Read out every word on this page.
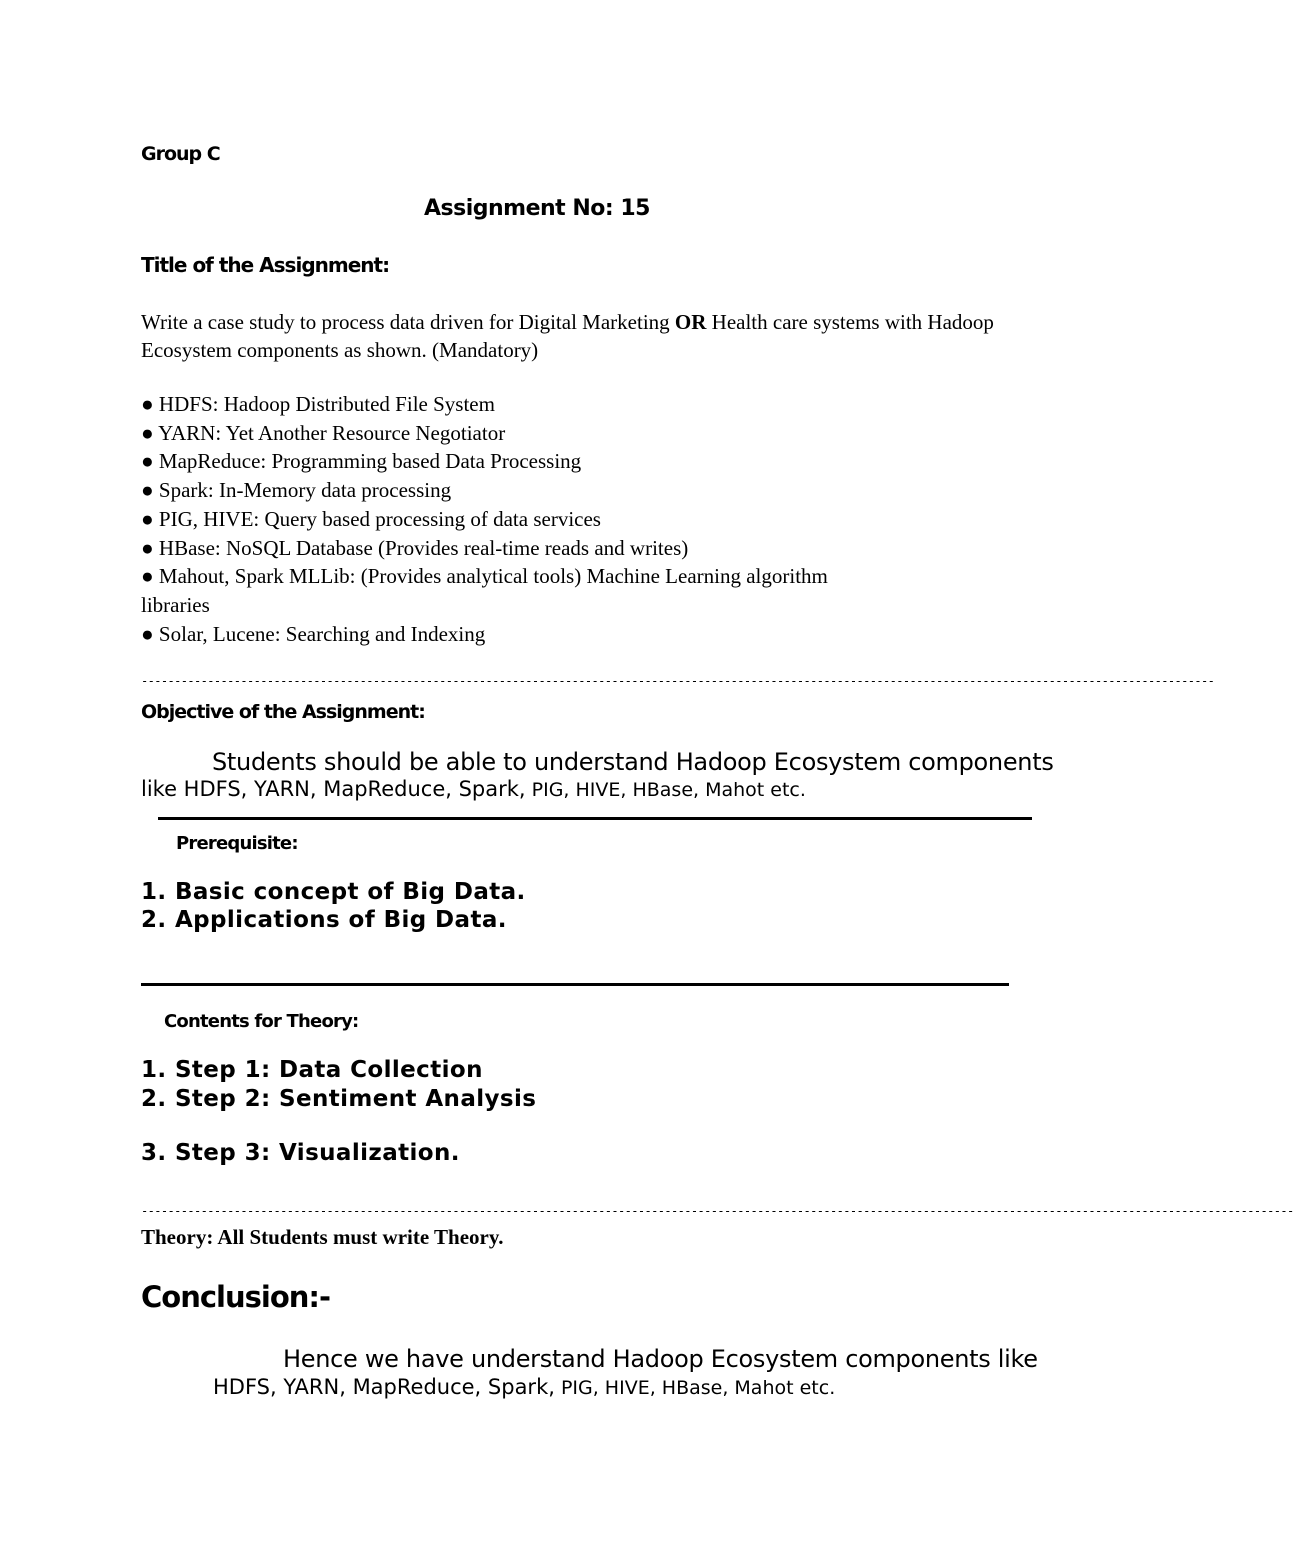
Group C
Assignment No: 15
Title of the Assignment:
Write a case study to process data driven for Digital Marketing OR Health care systems with Hadoop Ecosystem components as shown. (Mandatory)
● HDFS: Hadoop Distributed File System
● YARN: Yet Another Resource Negotiator
● MapReduce: Programming based Data Processing
● Spark: In-Memory data processing
● PIG, HIVE: Query based processing of data services
● HBase: NoSQL Database (Provides real-time reads and writes)
● Mahout, Spark MLLib: (Provides analytical tools) Machine Learning algorithm
libraries
● Solar, Lucene: Searching and Indexing
------------------------------------------------------------------------------------------------------------------------------------------------------------------
Objective of the Assignment:
Students should be able to understand Hadoop Ecosystem components
like HDFS, YARN, MapReduce, Spark, PIG, HIVE, HBase, Mahot etc.
Prerequisite:
1. Basic concept of Big Data.
2. Applications of Big Data.
Contents for Theory:
1. Step 1: Data Collection
2. Step 2: Sentiment Analysis
3. Step 3: Visualization.
------------------------------------------------------------------------------------------------------------------------------------------------------------------------------
Theory: All Students must write Theory.
Conclusion:-
Hence we have understand Hadoop Ecosystem components like
HDFS, YARN, MapReduce, Spark, PIG, HIVE, HBase, Mahot etc.
